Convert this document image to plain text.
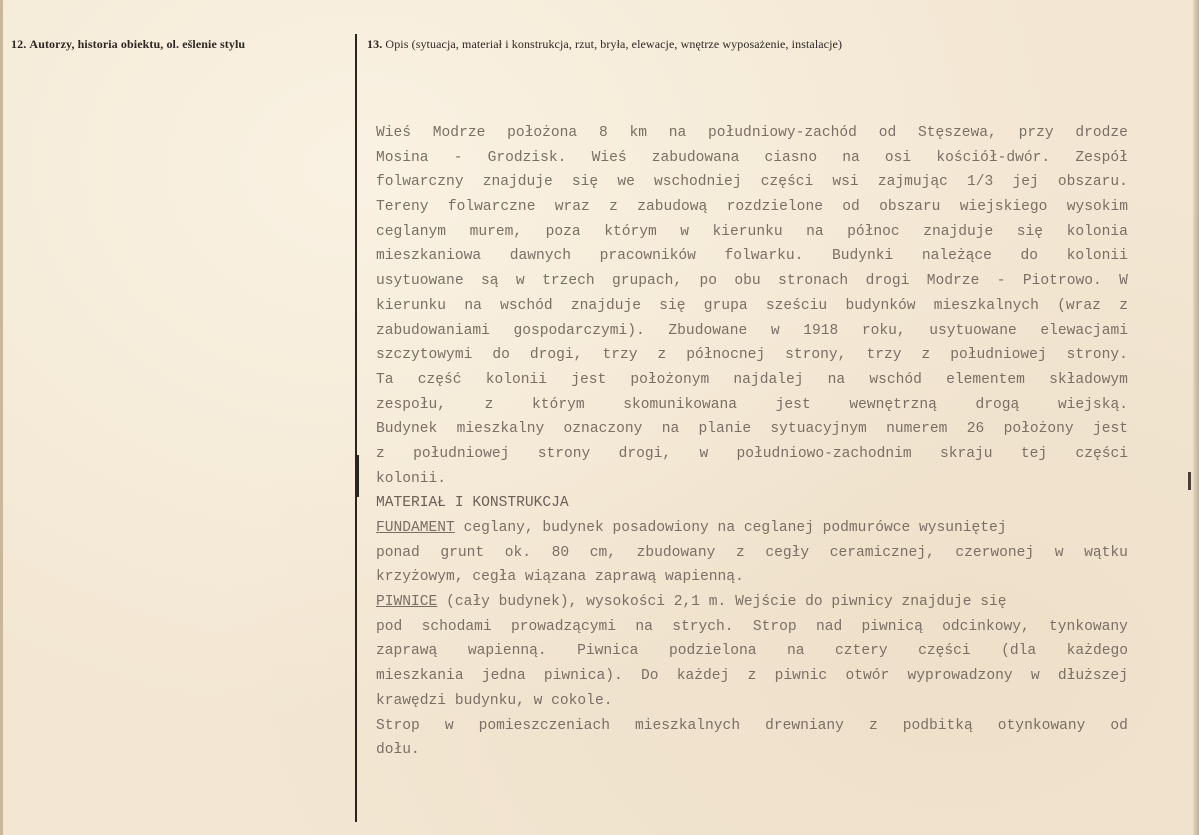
12. Autorzy, historia obiektu, ol. ešlenie stylu	13. Opis (sytuacja, materiał i konstrukcja, rzut, bryła, elewacje, wnętrze wyposażenie, instalacje)
Wieś Modrze położona 8 km na południowy-zachód od Stęszewa, przy drodze
Mosina - Grodzisk. Wieś zabudowana ciasno na osi kościół-dwór. Zespół
folwarczny znajduje się we wschodniej części wsi zajmując 1/3 jej obszaru.
Tereny folwarczne wraz z zabudową rozdzielone od obszaru wiejskiego wysokim
ceglanym murem, poza którym w kierunku na północ znajduje się kolonia
mieszkaniowa dawnych pracowników folwarku. Budynki należące do kolonii
usytuowane są w trzech grupach, po obu stronach drogi Modrze - Piotrowo. W
kierunku na wschód znajduje się grupa sześciu budynków mieszkalnych (wraz z
zabudowaniami gospodarczymi). Zbudowane w 1918 roku, usytuowane elewacjami
szczytowymi do drogi, trzy z północnej strony, trzy z południowej strony.
Ta część kolonii jest położonym najdalej na wschód elementem składowym
zespołu,	z	którym	skomunikowana	jest	wewnętrzną	drogą	wiejską.
Budynek mieszkalny oznaczony na planie sytuacyjnym numerem 26 położony jest
z południowej strony drogi, w południowo-zachodnim skraju tej części
kolonii.
MATERIAŁ I KONSTRUKCJA
FUNDAMENT ceglany, budynek posadowiony na ceglanej podmurówce wysuniętej
ponad grunt ok. 80 cm, zbudowany z cegły ceramicznej, czerwonej w wątku
krzyżowym, cegła wiązana zaprawą wapienną.
PIWNICE (cały budynek), wysokości 2,1 m. Wejście do piwnicy znajduje się
pod schodami prowadzącymi na strych. Strop nad piwnicą odcinkowy, tynkowany
zaprawą wapienną. Piwnica podzielona na cztery części (dla każdego
mieszkania jedna piwnica). Do każdej z piwnic otwór wyprowadzony w dłuższej
krawędzi budynku, w cokole.
Strop w pomieszczeniach mieszkalnych drewniany z podbitką otynkowany od
dołu.
